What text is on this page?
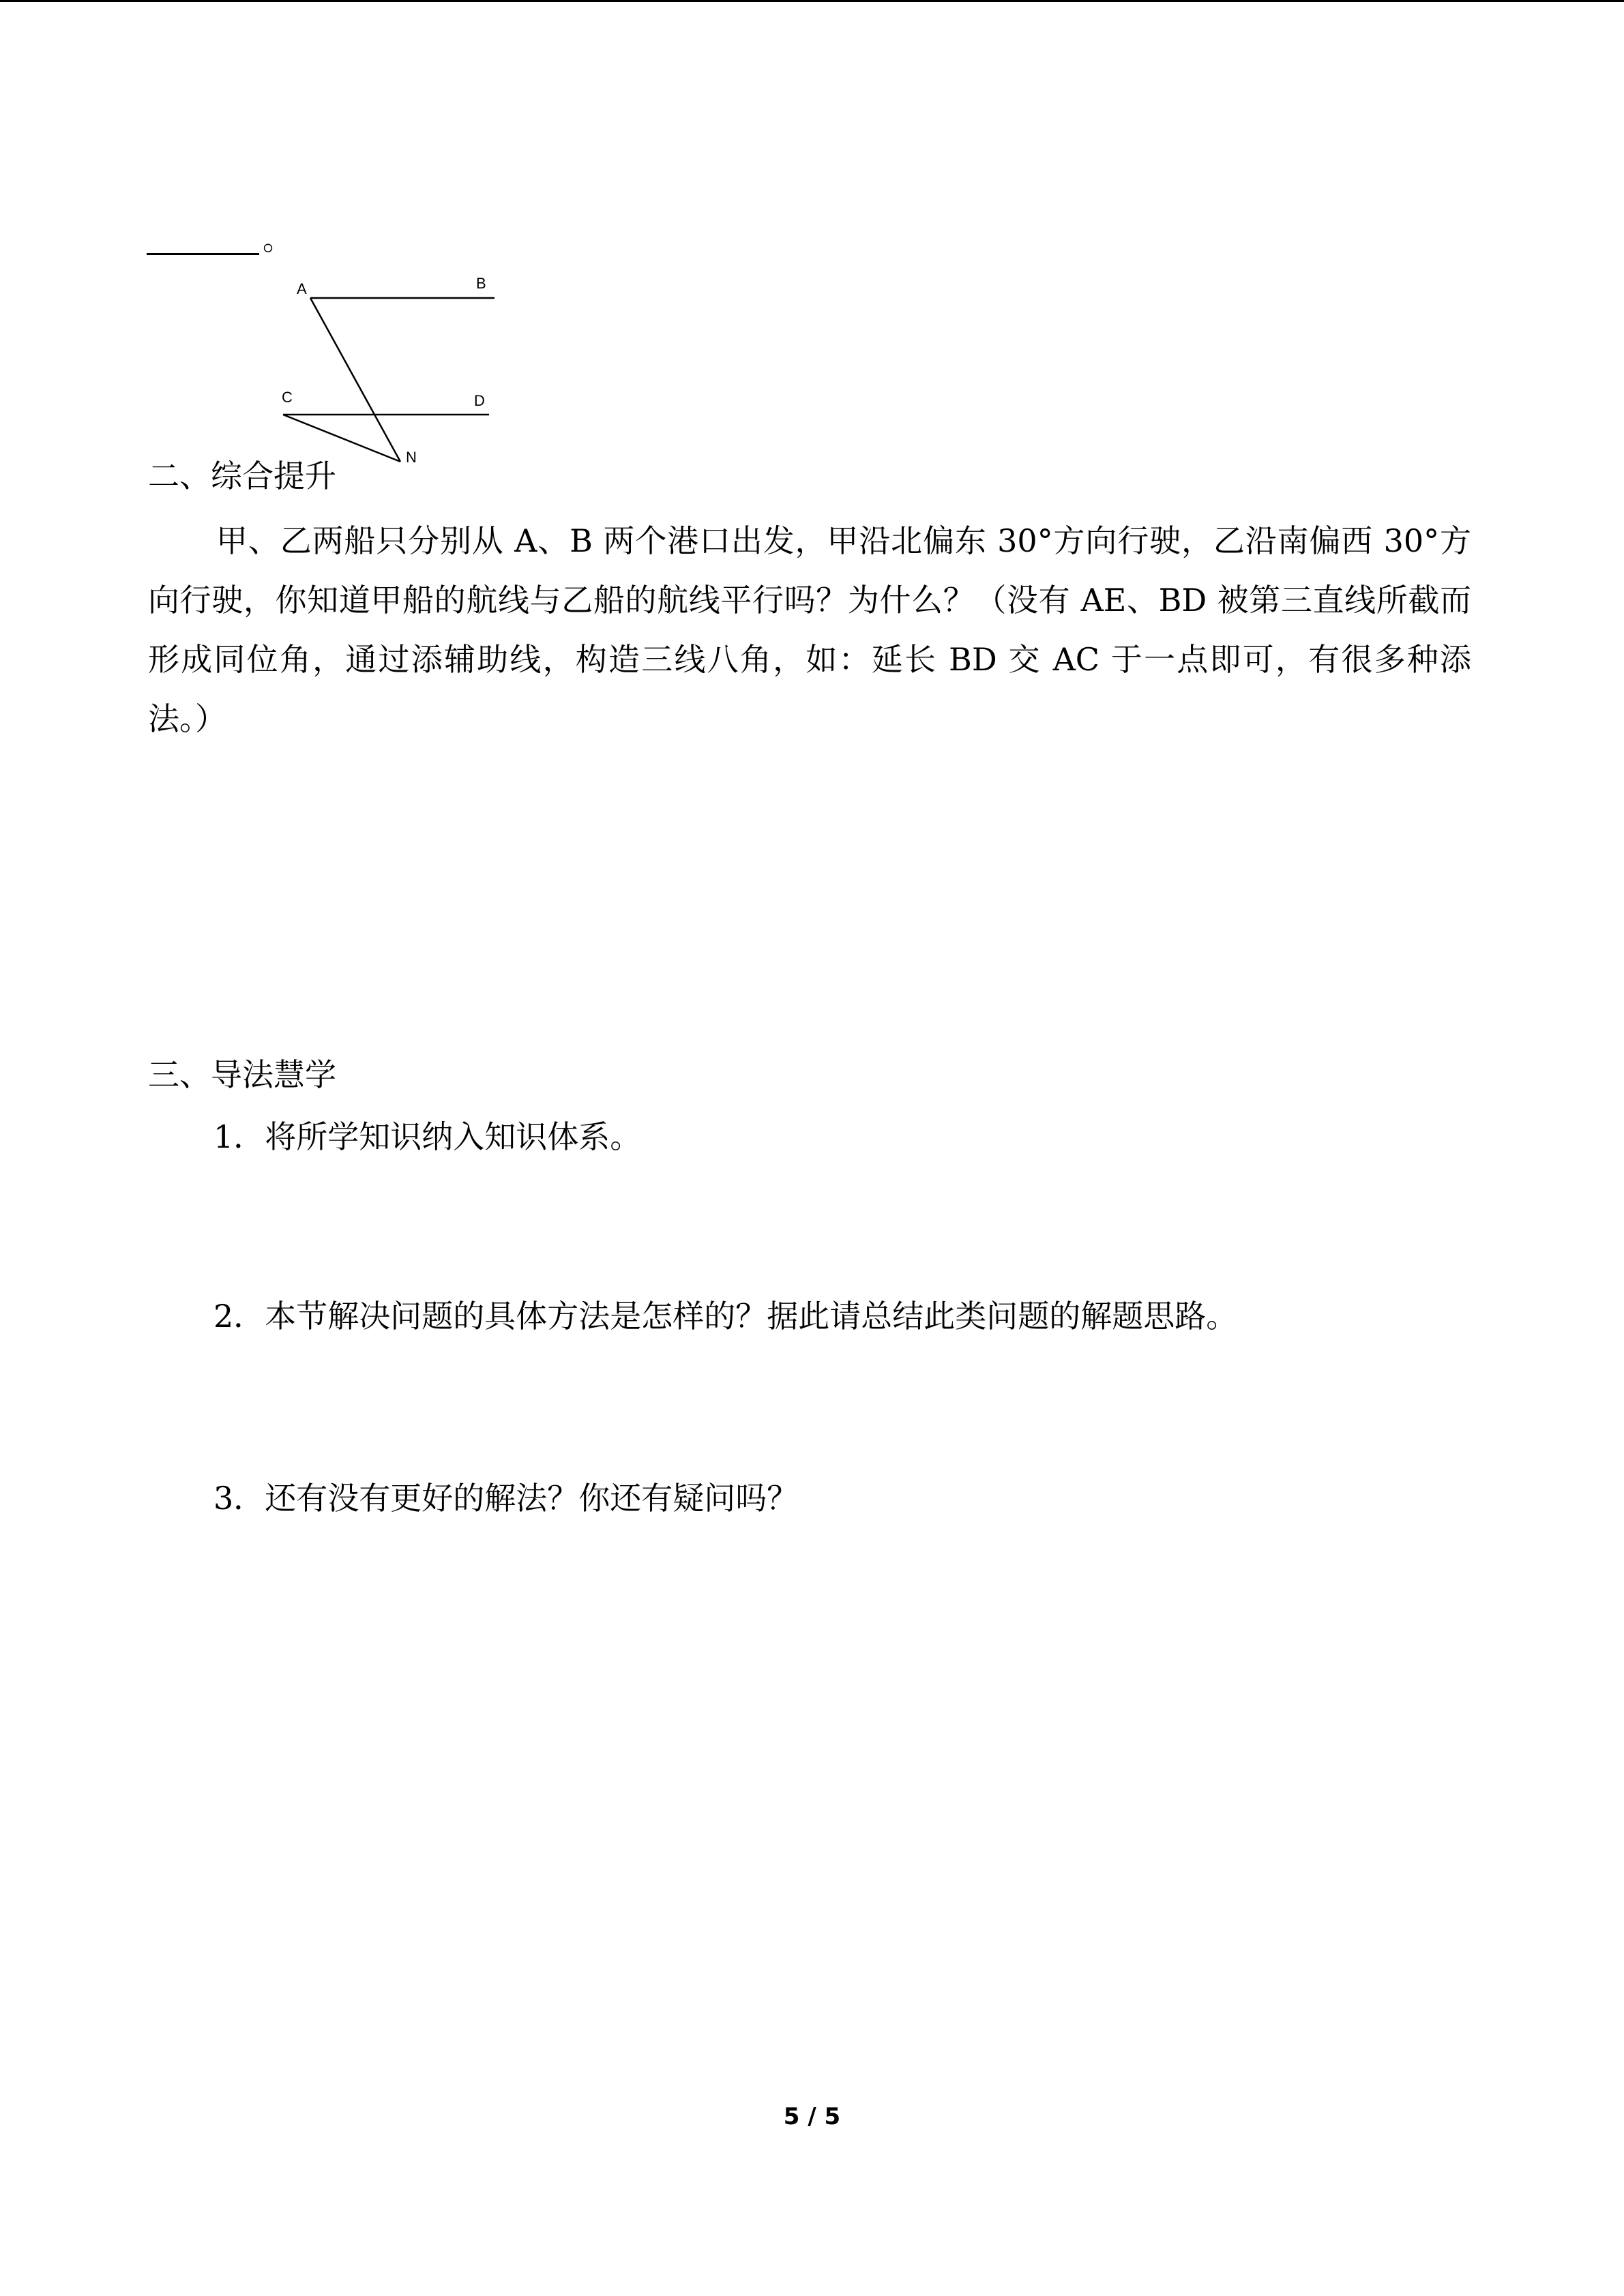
。
A	B
C	D
N
二、综合提升

甲、乙两船只分别从 A、B 两个港口出发，甲沿北偏东 30°方向行驶，乙沿南偏西 30°方向行驶，你知道甲船的航线与乙船的航线平行吗？为什么？（没有 AE、BD 被第三直线所截而形成同位角，通过添辅助线，构造三线八角，如：延长 BD 交 AC 于一点即可，有很多种添法。）

三、导法慧学
1．将所学知识纳入知识体系。
2．本节解决问题的具体方法是怎样的？据此请总结此类问题的解题思路。
3．还有没有更好的解法？你还有疑问吗？
5 / 5
